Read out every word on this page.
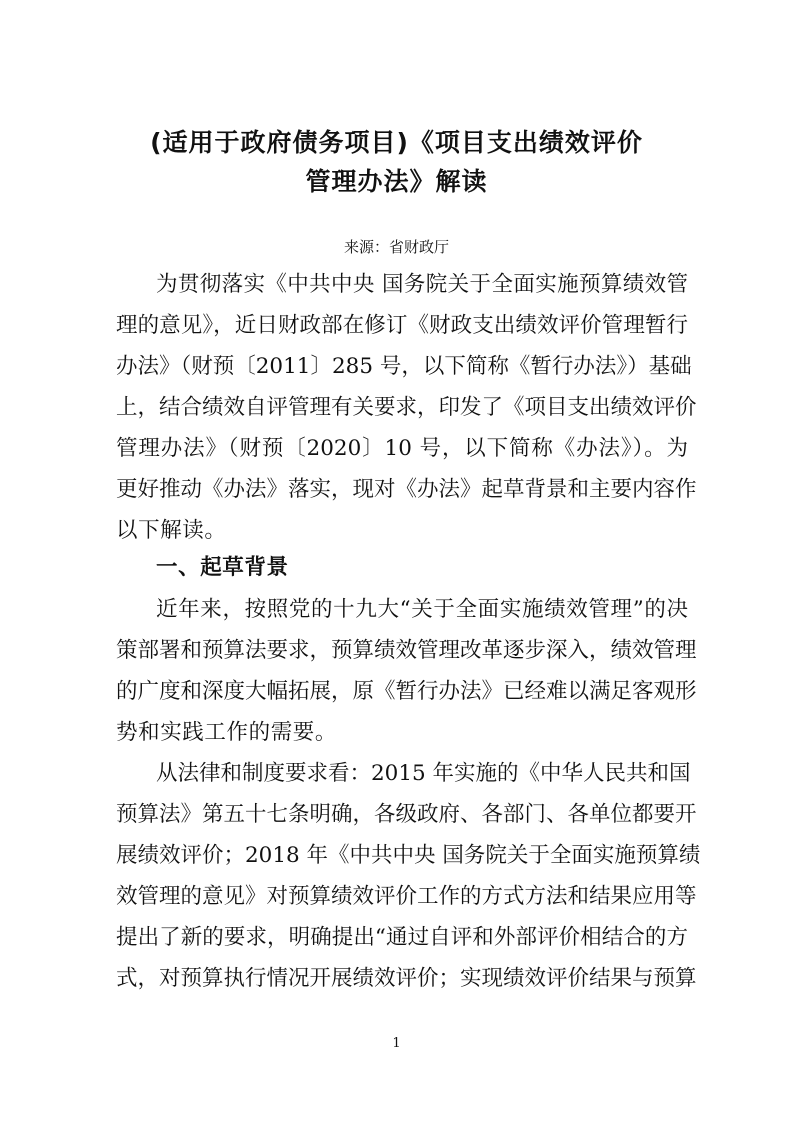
(适用于政府债务项目)《项目支出绩效评价
管理办法》解读
来源：省财政厅
为贯彻落实《中共中央 国务院关于全面实施预算绩效管
理的意见》，近日财政部在修订《财政支出绩效评价管理暂行
办法》（财预〔2011〕285 号，以下简称《暂行办法》）基础
上，结合绩效自评管理有关要求，印发了《项目支出绩效评价
管理办法》（财预〔2020〕10 号，以下简称《办法》）。为
更好推动《办法》落实，现对《办法》起草背景和主要内容作
以下解读。
一、起草背景
近年来，按照党的十九大“关于全面实施绩效管理”的决
策部署和预算法要求，预算绩效管理改革逐步深入，绩效管理
的广度和深度大幅拓展，原《暂行办法》已经难以满足客观形
势和实践工作的需要。
从法律和制度要求看：2015 年实施的《中华人民共和国
预算法》第五十七条明确，各级政府、各部门、各单位都要开
展绩效评价；2018 年《中共中央 国务院关于全面实施预算绩
效管理的意见》对预算绩效评价工作的方式方法和结果应用等
提出了新的要求，明确提出“通过自评和外部评价相结合的方
式，对预算执行情况开展绩效评价；实现绩效评价结果与预算
1
